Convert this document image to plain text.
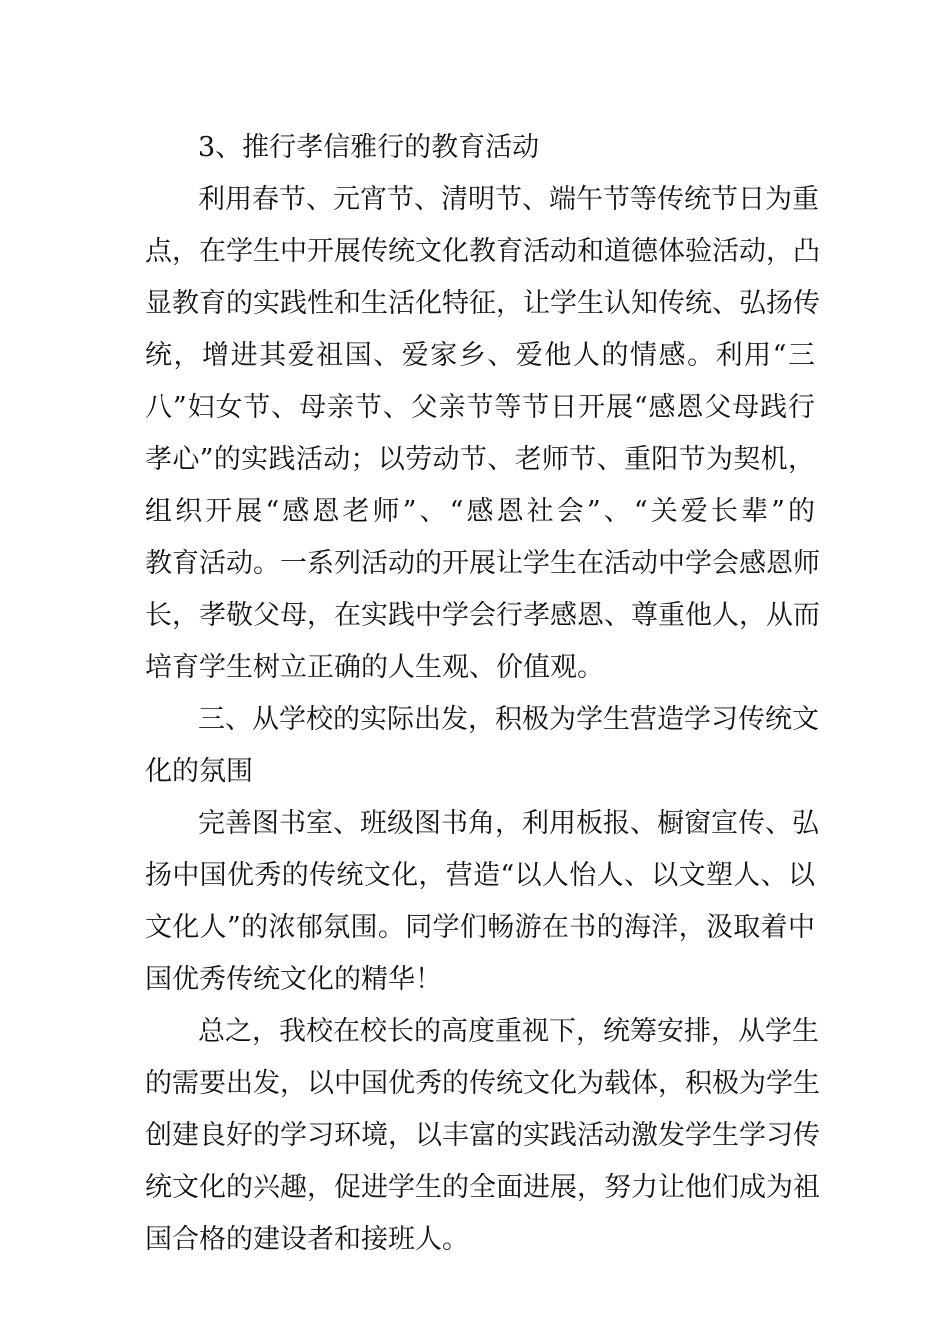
3、推行孝信雅行的教育活动
利用春节、元宵节、清明节、端午节等传统节日为重
点，在学生中开展传统文化教育活动和道德体验活动，凸
显教育的实践性和生活化特征，让学生认知传统、弘扬传
统，增进其爱祖国、爱家乡、爱他人的情感。利用“三
八”妇女节、母亲节、父亲节等节日开展“感恩父母践行
孝心”的实践活动；以劳动节、老师节、重阳节为契机，
组织开展“感恩老师”、“感恩社会”、“关爱长辈”的
教育活动。一系列活动的开展让学生在活动中学会感恩师
长，孝敬父母，在实践中学会行孝感恩、尊重他人，从而
培育学生树立正确的人生观、价值观。
三、从学校的实际出发，积极为学生营造学习传统文
化的氛围
完善图书室、班级图书角，利用板报、橱窗宣传、弘
扬中国优秀的传统文化，营造“以人怡人、以文塑人、以
文化人”的浓郁氛围。同学们畅游在书的海洋，汲取着中
国优秀传统文化的精华！
总之，我校在校长的高度重视下，统筹安排，从学生
的需要出发，以中国优秀的传统文化为载体，积极为学生
创建良好的学习环境，以丰富的实践活动激发学生学习传
统文化的兴趣，促进学生的全面进展，努力让他们成为祖
国合格的建设者和接班人。
